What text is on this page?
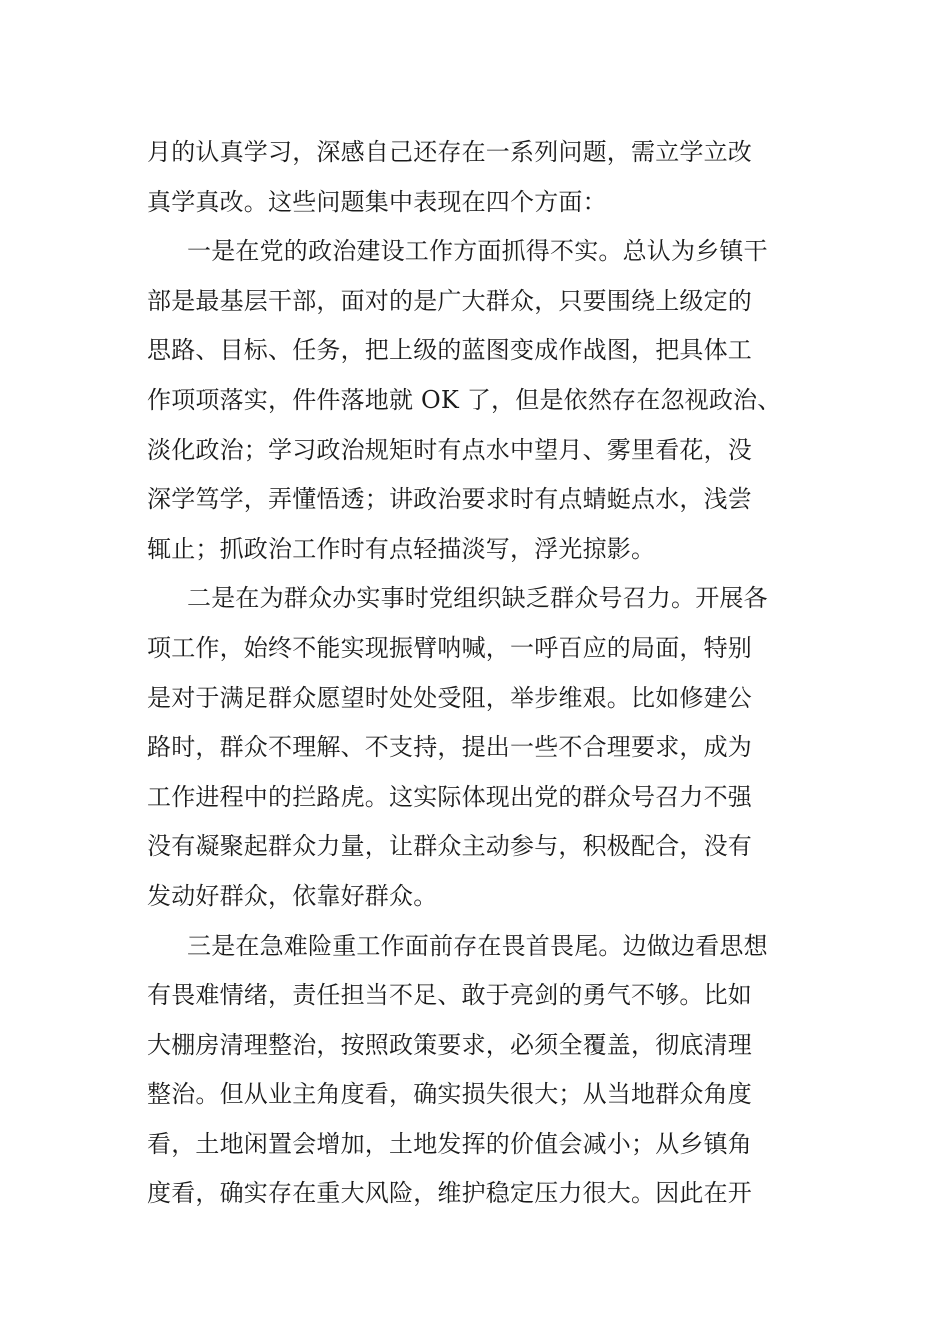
月的认真学习，深感自己还存在一系列问题，需立学立改
真学真改。这些问题集中表现在四个方面：
一是在党的政治建设工作方面抓得不实。总认为乡镇干
部是最基层干部，面对的是广大群众，只要围绕上级定的
思路、目标、任务，把上级的蓝图变成作战图，把具体工
作项项落实，件件落地就 OK 了，但是依然存在忽视政治、
淡化政治；学习政治规矩时有点水中望月、雾里看花，没
深学笃学，弄懂悟透；讲政治要求时有点蜻蜓点水，浅尝
辄止；抓政治工作时有点轻描淡写，浮光掠影。
二是在为群众办实事时党组织缺乏群众号召力。开展各
项工作，始终不能实现振臂呐喊，一呼百应的局面，特别
是对于满足群众愿望时处处受阻，举步维艰。比如修建公
路时，群众不理解、不支持，提出一些不合理要求，成为
工作进程中的拦路虎。这实际体现出党的群众号召力不强
没有凝聚起群众力量，让群众主动参与，积极配合，没有
发动好群众，依靠好群众。
三是在急难险重工作面前存在畏首畏尾。边做边看思想
有畏难情绪，责任担当不足、敢于亮剑的勇气不够。比如
大棚房清理整治，按照政策要求，必须全覆盖，彻底清理
整治。但从业主角度看，确实损失很大；从当地群众角度
看，土地闲置会增加，土地发挥的价值会减小；从乡镇角
度看，确实存在重大风险，维护稳定压力很大。因此在开
